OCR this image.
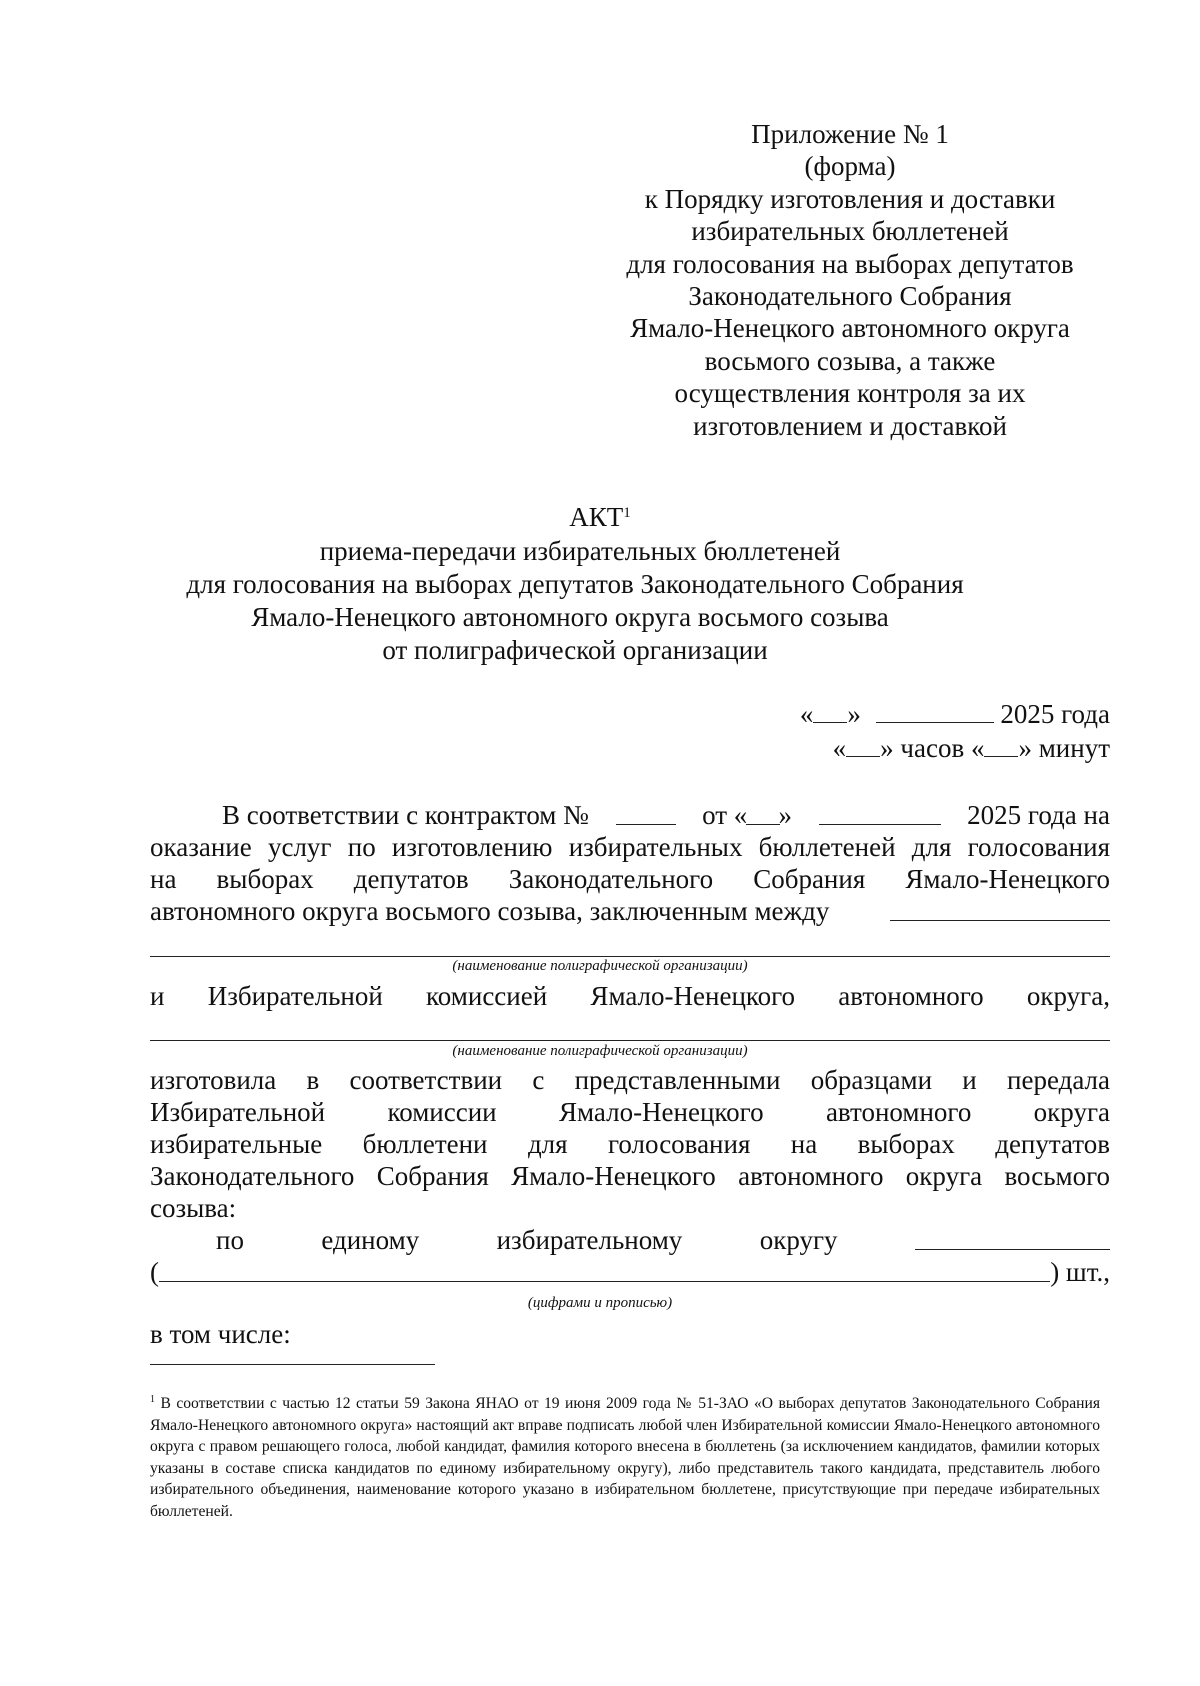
Приложение № 1
(форма)
к Порядку изготовления и доставки
избирательных бюллетеней
для голосования на выборах депутатов
Законодательного Собрания
Ямало-Ненецкого автономного округа
восьмого созыва, а также
осуществления контроля за их
изготовлением и доставкой
АКТ$^1$
приема-передачи избирательных бюллетеней
для голосования на выборах депутатов Законодательного Собрания
Ямало-Ненецкого автономного округа восьмого созыва
от полиграфической организации
« »	2025 года
« » часов « » минут
В соответствии с контрактом №	от « »	2025 года на
оказание услуг по изготовлению избирательных бюллетеней для голосования
на выборах депутатов Законодательного Собрания Ямало-Ненецкого
автономного округа восьмого созыва, заключенным между
(наименование полиграфической организации)
и Избирательной комиссией Ямало-Ненецкого автономного округа,
(наименование полиграфической организации)
изготовила в соответствии с представленными образцами и передала
Избирательной комиссии Ямало-Ненецкого автономного округа
избирательные бюллетени для голосования на выборах депутатов
Законодательного Собрания Ямало-Ненецкого автономного округа восьмого
созыва:
по	единому	избирательному	округу
(	) шт.,
(цифрами и прописью)
в том числе:
$^1$ В соответствии с частью 12 статьи 59 Закона ЯНАО от 19 июня 2009 года № 51-ЗАО «О выборах депутатов Законодательного Собрания Ямало-Ненецкого автономного округа» настоящий акт вправе подписать любой член Избирательной комиссии Ямало-Ненецкого автономного округа с правом решающего голоса, любой кандидат, фамилия которого внесена в бюллетень (за исключением кандидатов, фамилии которых указаны в составе списка кандидатов по единому избирательному округу), либо представитель такого кандидата, представитель любого избирательного объединения, наименование которого указано в избирательном бюллетене, присутствующие при передаче избирательных бюллетеней.
